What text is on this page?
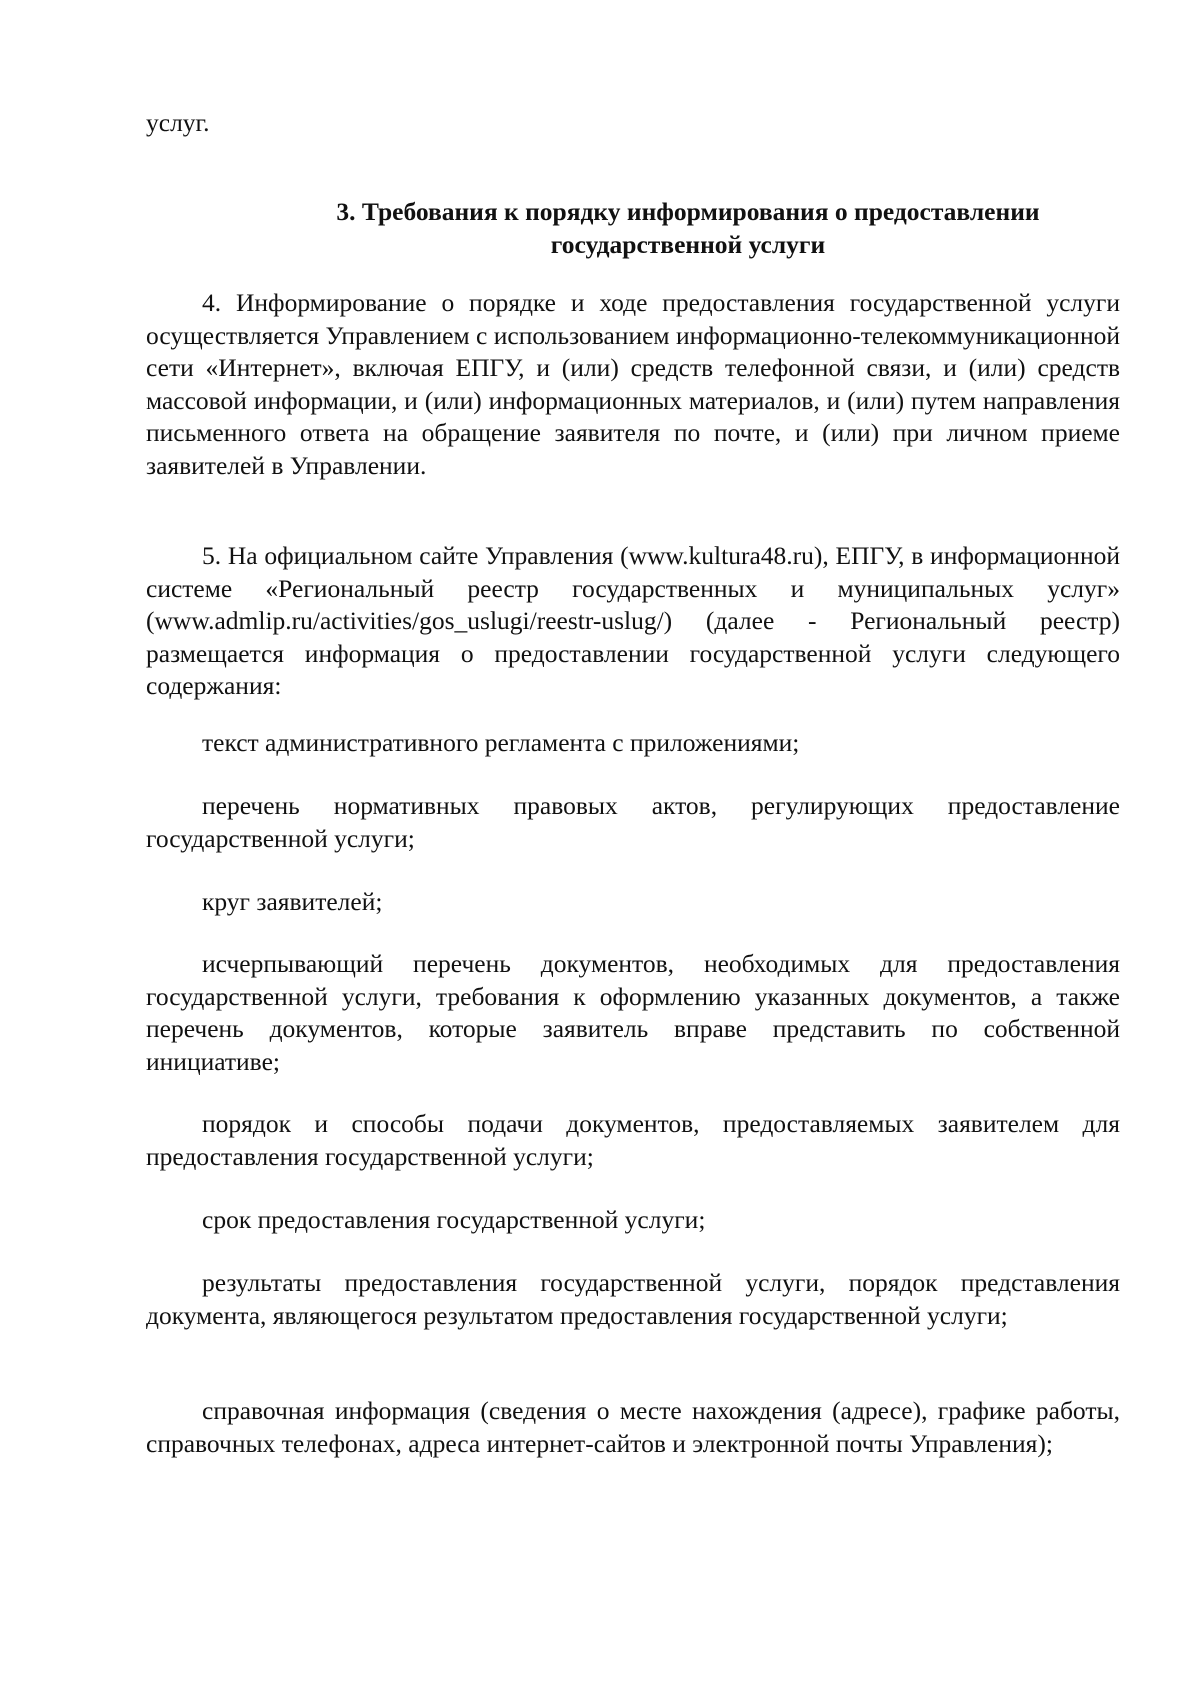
услуг.

3. Требования к порядку информирования о предоставлении
государственной услуги

4. Информирование о порядке и ходе предоставления государственной услуги осуществляется Управлением с использованием информационно-телекоммуникационной сети «Интернет», включая ЕПГУ, и (или) средств телефонной связи, и (или) средств массовой информации, и (или) информационных материалов, и (или) путем направления письменного ответа на обращение заявителя по почте, и (или) при личном приеме заявителей в Управлении.

5. На официальном сайте Управления (www.kultura48.ru), ЕПГУ, в информационной системе «Региональный реестр государственных и муниципальных услуг» (www.admlip.ru/activities/gos_uslugi/reestr-uslug/) (далее - Региональный реестр) размещается информация о предоставлении государственной услуги следующего содержания:

текст административного регламента с приложениями;

перечень нормативных правовых актов, регулирующих предоставление государственной услуги;

круг заявителей;

исчерпывающий перечень документов, необходимых для предоставления государственной услуги, требования к оформлению указанных документов, а также перечень документов, которые заявитель вправе представить по собственной инициативе;

порядок и способы подачи документов, предоставляемых заявителем для предоставления государственной услуги;

срок предоставления государственной услуги;

результаты предоставления государственной услуги, порядок представления документа, являющегося результатом предоставления государственной услуги;

справочная информация (сведения о месте нахождения (адресе), графике работы, справочных телефонах, адреса интернет-сайтов и электронной почты Управления);
